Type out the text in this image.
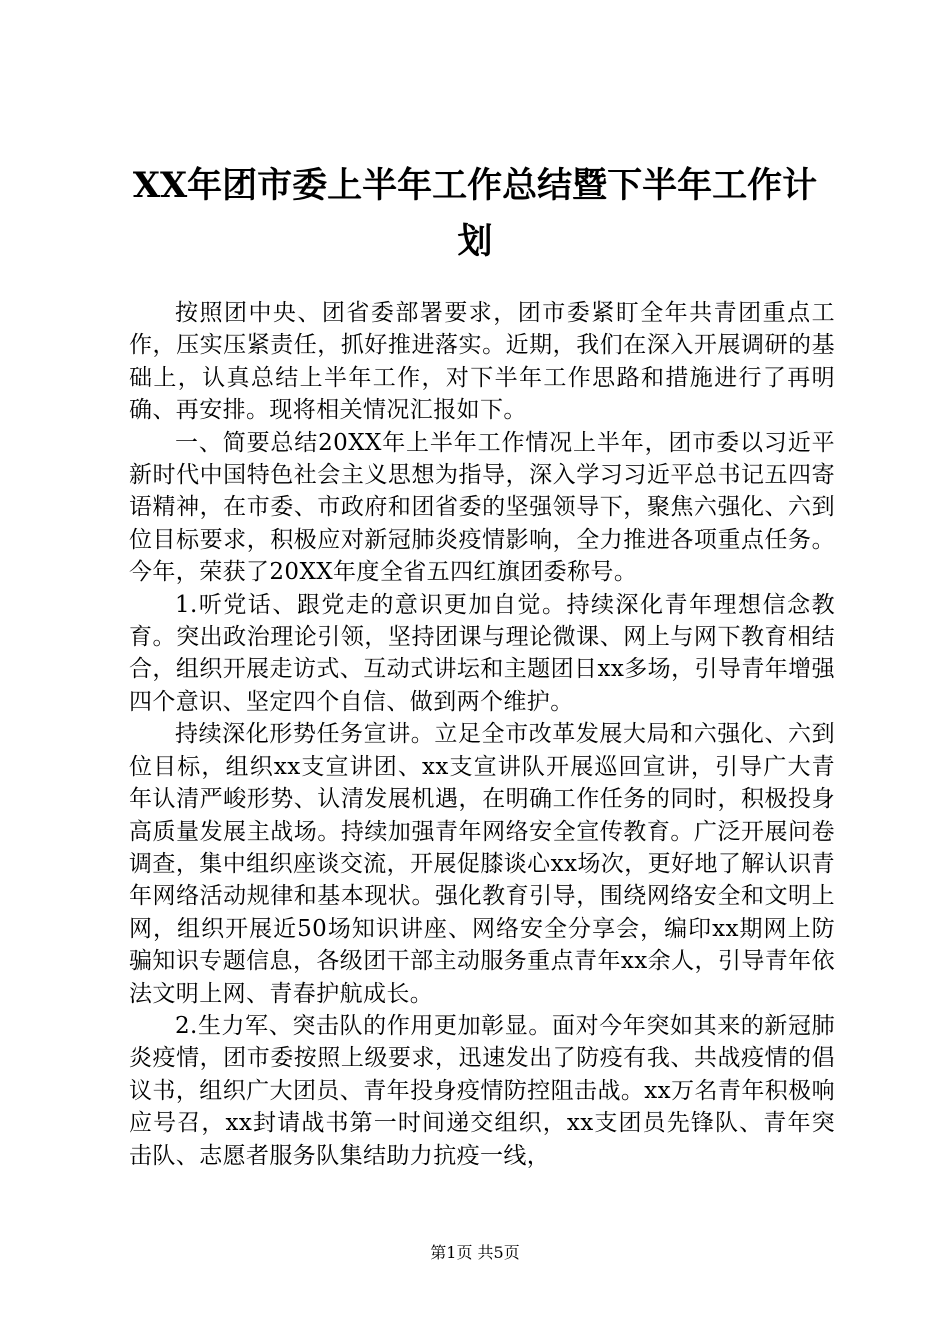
XX年团市委上半年工作总结暨下半年工作计
划

按照团中央、团省委部署要求，团市委紧盯全年共青团重点工作，压实压紧责任，抓好推进落实。近期，我们在深入开展调研的基础上，认真总结上半年工作，对下半年工作思路和措施进行了再明确、再安排。现将相关情况汇报如下。

一、简要总结20XX年上半年工作情况上半年，团市委以习近平新时代中国特色社会主义思想为指导，深入学习习近平总书记五四寄语精神，在市委、市政府和团省委的坚强领导下，聚焦六强化、六到位目标要求，积极应对新冠肺炎疫情影响，全力推进各项重点任务。今年，荣获了20XX年度全省五四红旗团委称号。

1.听党话、跟党走的意识更加自觉。持续深化青年理想信念教育。突出政治理论引领，坚持团课与理论微课、网上与网下教育相结合，组织开展走访式、互动式讲坛和主题团日xx多场，引导青年增强四个意识、坚定四个自信、做到两个维护。

持续深化形势任务宣讲。立足全市改革发展大局和六强化、六到位目标，组织xx支宣讲团、xx支宣讲队开展巡回宣讲，引导广大青年认清严峻形势、认清发展机遇，在明确工作任务的同时，积极投身高质量发展主战场。持续加强青年网络安全宣传教育。广泛开展问卷调查，集中组织座谈交流，开展促膝谈心xx场次，更好地了解认识青年网络活动规律和基本现状。强化教育引导，围绕网络安全和文明上网，组织开展近50场知识讲座、网络安全分享会，编印xx期网上防骗知识专题信息，各级团干部主动服务重点青年xx余人，引导青年依法文明上网、青春护航成长。

2.生力军、突击队的作用更加彰显。面对今年突如其来的新冠肺炎疫情，团市委按照上级要求，迅速发出了防疫有我、共战疫情的倡议书，组织广大团员、青年投身疫情防控阻击战。xx万名青年积极响应号召，xx封请战书第一时间递交组织，xx支团员先锋队、青年突击队、志愿者服务队集结助力抗疫一线，

第1页 共5页
